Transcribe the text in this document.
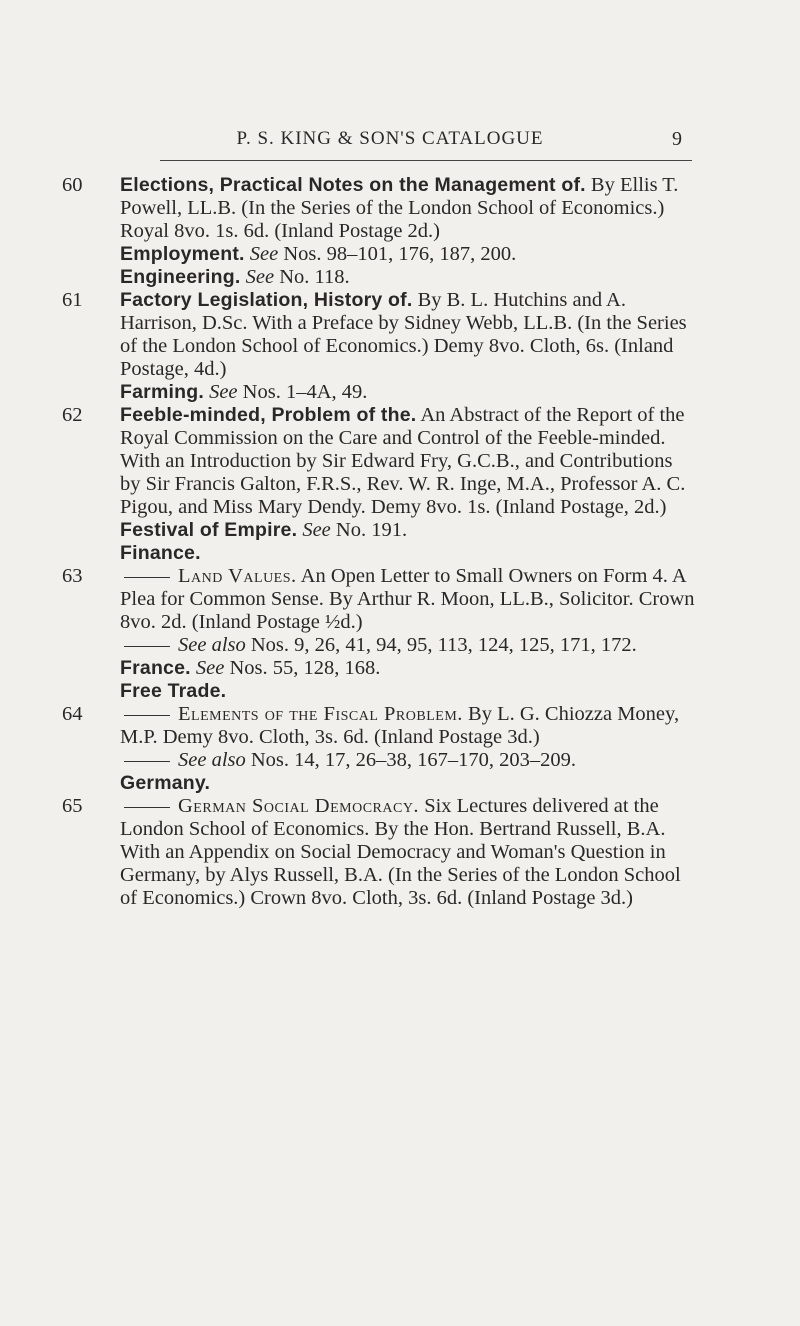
P. S. KING & SON'S CATALOGUE	9
60 Elections, Practical Notes on the Management of. By Ellis T. Powell, LL.B. (In the Series of the London School of Economics.) Royal 8vo. 1s. 6d. (Inland Postage 2d.)
Employment. See Nos. 98–101, 176, 187, 200.
Engineering. See No. 118.
61 Factory Legislation, History of. By B. L. Hutchins and A. Harrison, D.Sc. With a Preface by Sidney Webb, LL.B. (In the Series of the London School of Economics.) Demy 8vo. Cloth, 6s. (Inland Postage, 4d.)
Farming. See Nos. 1–4A, 49.
62 Feeble-minded, Problem of the. An Abstract of the Report of the Royal Commission on the Care and Control of the Feeble-minded. With an Introduction by Sir Edward Fry, G.C.B., and Contributions by Sir Francis Galton, F.R.S., Rev. W. R. Inge, M.A., Professor A. C. Pigou, and Miss Mary Dendy. Demy 8vo. 1s. (Inland Postage, 2d.)
Festival of Empire. See No. 191.
Finance.
63	Land Values. An Open Letter to Small Owners on Form 4. A Plea for Common Sense. By Arthur R. Moon, LL.B., Solicitor. Crown 8vo. 2d. (Inland Postage ½d.)
See also Nos. 9, 26, 41, 94, 95, 113, 124, 125, 171, 172.
France. See Nos. 55, 128, 168.
Free Trade.
64	Elements of the Fiscal Problem. By L. G. Chiozza Money, M.P. Demy 8vo. Cloth, 3s. 6d. (Inland Postage 3d.)
See also Nos. 14, 17, 26–38, 167–170, 203–209.
Germany.
65	German Social Democracy. Six Lectures delivered at the London School of Economics. By the Hon. Bertrand Russell, B.A. With an Appendix on Social Democracy and Woman's Question in Germany, by Alys Russell, B.A. (In the Series of the London School of Economics.) Crown 8vo. Cloth, 3s. 6d. (Inland Postage 3d.)
